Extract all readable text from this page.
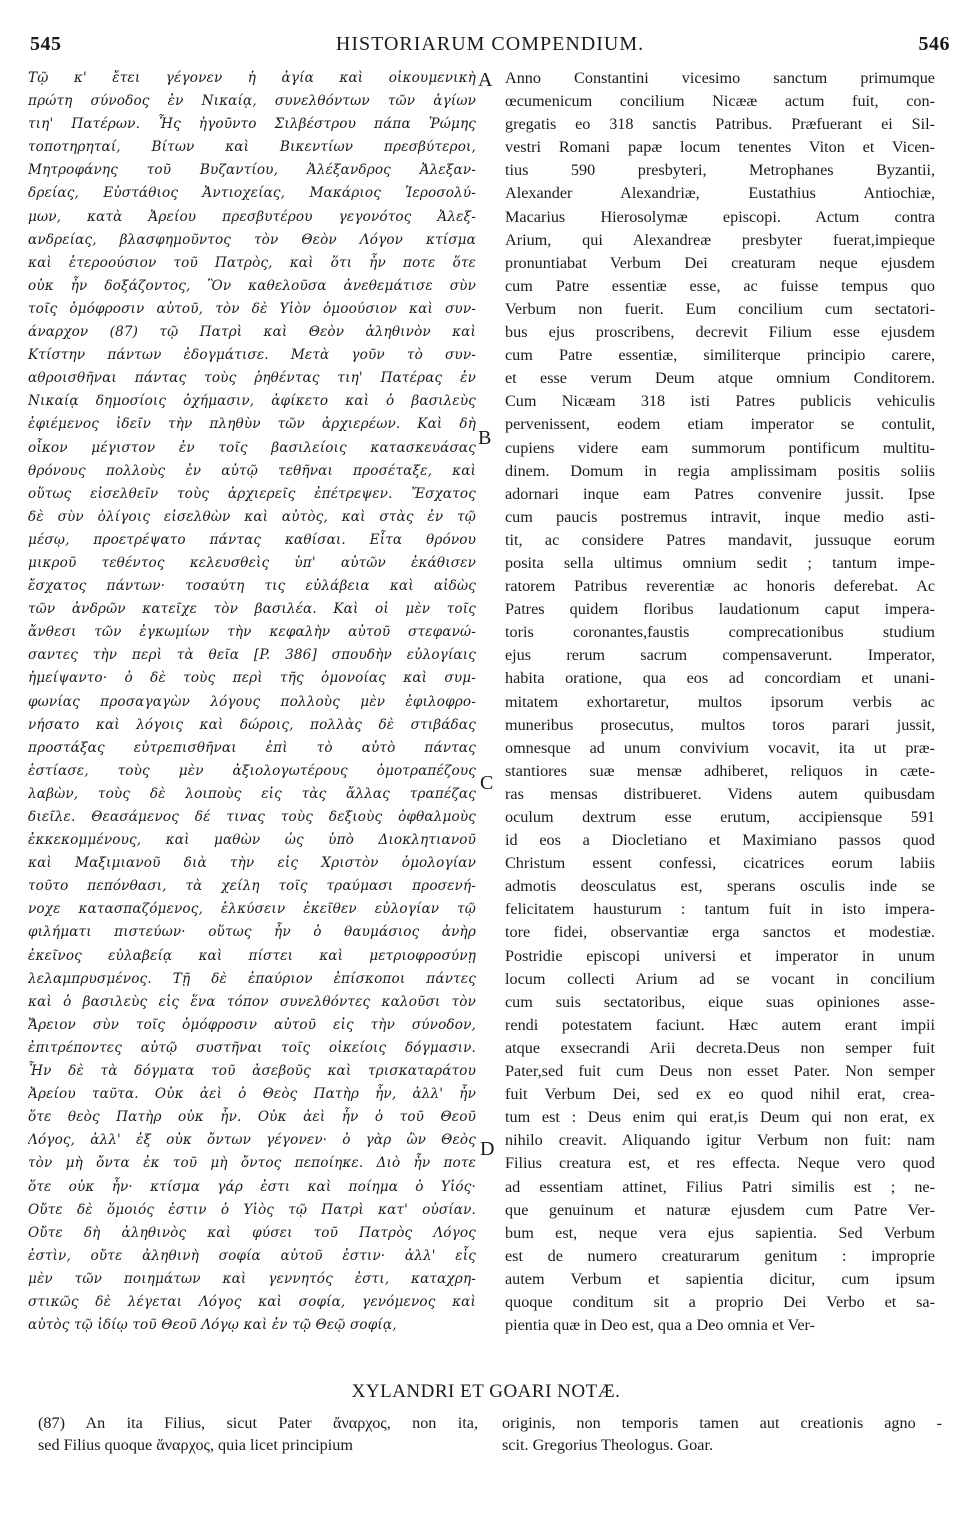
545	HISTORIARUM COMPENDIUM.	546
Τῷ κ' ἔτει γέγονεν ἡ ἁγία καὶ οἰκουμενικὴ
πρώτη σύνοδος ἐν Νικαίᾳ, συνελθόντων τῶν ἁγίων
τιη' Πατέρων. Ἧς ἡγοῦντο Σιλβέστρου πάπα Ῥώμης
τοποτηρηταί, Βίτων καὶ Βικεντίων πρεσβύτεροι,
Μητροφάνης τοῦ Βυζαντίου, Ἀλέξανδρος Ἀλεξαν-
δρείας, Εὐστάθιος Ἀντιοχείας, Μακάριος Ἱεροσολύ-
μων, κατὰ Ἀρείου πρεσβυτέρου γεγονότος Ἀλεξ-
ανδρείας, βλασφημοῦντος τὸν Θεὸν Λόγον κτίσμα
καὶ ἑτεροούσιον τοῦ Πατρὸς, καὶ ὅτι ἦν ποτε ὅτε
οὐκ ἦν δοξάζοντος, Ὃν καθελοῦσα ἀνεθεμάτισε σὺν
τοῖς ὁμόφροσιν αὐτοῦ, τὸν δὲ Υἱὸν ὁμοούσιον καὶ συν-
άναρχον (87) τῷ Πατρὶ καὶ Θεὸν ἀληθινὸν καὶ
Κτίστην πάντων ἐδογμάτισε. Μετὰ γοῦν τὸ συν-
αθροισθῆναι πάντας τοὺς ῥηθέντας τιη' Πατέρας ἐν
Νικαίᾳ δημοσίοις ὀχήμασιν, ἀφίκετο καὶ ὁ βασιλεὺς
ἐφιέμενος ἰδεῖν τὴν πληθὺν τῶν ἀρχιερέων. Καὶ δὴ
οἶκον μέγιστον ἐν τοῖς βασιλείοις κατασκευάσας
θρόνους πολλοὺς ἐν αὐτῷ τεθῆναι προσέταξε, καὶ
οὕτως εἰσελθεῖν τοὺς ἀρχιερεῖς ἐπέτρεψεν. Ἔσχατος
δὲ σὺν ὀλίγοις εἰσελθὼν καὶ αὐτὸς, καὶ στὰς ἐν τῷ
μέσῳ, προετρέψατο πάντας καθίσαι. Εἶτα θρόνου
μικροῦ τεθέντος κελευσθεὶς ὑπ' αὐτῶν ἐκάθισεν
ἔσχατος πάντων· τοσαύτη τις εὐλάβεια καὶ αἰδὼς
τῶν ἀνδρῶν κατεῖχε τὸν βασιλέα. Καὶ οἱ μὲν τοῖς
ἄνθεσι τῶν ἐγκωμίων τὴν κεφαλὴν αὐτοῦ στεφανώ-
σαντες τὴν περὶ τὰ θεῖα [P. 386] σπουδὴν εὐλογίαις
ἠμείψαντο· ὁ δὲ τοὺς περὶ τῆς ὁμονοίας καὶ συμ-
φωνίας προσαγαγὼν λόγους πολλοὺς μὲν ἐφιλοφρο-
νήσατο καὶ λόγοις καὶ δώροις, πολλὰς δὲ στιβάδας
προστάξας εὐτρεπισθῆναι ἐπὶ τὸ αὐτὸ πάντας
ἑστίασε, τοὺς μὲν ἀξιολογωτέρους ὁμοτραπέζους
λαβὼν, τοὺς δὲ λοιποὺς εἰς τὰς ἄλλας τραπέζας
διεῖλε. Θεασάμενος δέ τινας τοὺς δεξιοὺς ὀφθαλμοὺς
ἐκκεκομμένους, καὶ μαθὼν ὡς ὑπὸ Διοκλητιανοῦ
καὶ Μαξιμιανοῦ διὰ τὴν εἰς Χριστὸν ὁμολογίαν
τοῦτο πεπόνθασι, τὰ χείλη τοῖς τραύμασι προσενή-
νοχε κατασπαζόμενος, ἑλκύσειν ἐκεῖθεν εὐλογίαν τῷ
φιλήματι πιστεύων· οὕτως ἦν ὁ θαυμάσιος ἀνὴρ
ἐκεῖνος εὐλαβείᾳ καὶ πίστει καὶ μετριοφροσύνῃ
λελαμπρυσμένος. Τῇ δὲ ἐπαύριον ἐπίσκοποι πάντες
καὶ ὁ βασιλεὺς εἰς ἕνα τόπον συνελθόντες καλοῦσι τὸν
Ἄρειον σὺν τοῖς ὁμόφροσιν αὐτοῦ εἰς τὴν σύνοδον,
ἐπιτρέποντες αὐτῷ συστῆναι τοῖς οἰκείοις δόγμασιν.
Ἦν δὲ τὰ δόγματα τοῦ ἀσεβοῦς καὶ τρισκαταράτου
Ἀρείου ταῦτα. Οὐκ ἀεὶ ὁ Θεὸς Πατὴρ ἦν, ἀλλ' ἦν
ὅτε θεὸς Πατὴρ οὐκ ἦν. Οὐκ ἀεὶ ἦν ὁ τοῦ Θεοῦ
Λόγος, ἀλλ' ἐξ οὐκ ὄντων γέγονεν· ὁ γὰρ ὢν Θεὸς
τὸν μὴ ὄντα ἐκ τοῦ μὴ ὄντος πεποίηκε. Διὸ ἦν ποτε
ὅτε οὐκ ἦν· κτίσμα γάρ ἐστι καὶ ποίημα ὁ Υἱός·
Οὔτε δὲ ὅμοιός ἐστιν ὁ Υἱὸς τῷ Πατρὶ κατ' οὐσίαν.
Οὔτε δὴ ἀληθινὸς καὶ φύσει τοῦ Πατρὸς Λόγος
ἐστὶν, οὔτε ἀληθινὴ σοφία αὐτοῦ ἐστιν· ἀλλ' εἷς
μὲν τῶν ποιημάτων καὶ γεννητός ἐστι, καταχρη-
στικῶς δὲ λέγεται Λόγος καὶ σοφία, γενόμενος καὶ
αὐτὸς τῷ ἰδίῳ τοῦ Θεοῦ Λόγῳ καὶ ἐν τῷ Θεῷ σοφίᾳ,
Anno Constantini vicesimo sanctum primumque
œcumenicum concilium Nicææ actum fuit, con-
gregatis eo 318 sanctis Patribus. Præfuerant ei Sil-
vestri Romani papæ locum tenentes Viton et Vicen-
tius 590 presbyteri, Metrophanes Byzantii,
Alexander Alexandriæ, Eustathius Antiochiæ,
Macarius Hierosolymæ episcopi. Actum contra
Arium, qui Alexandreæ presbyter fuerat,impieque
pronuntiabat Verbum Dei creaturam neque ejusdem
cum Patre essentiæ esse, ac fuisse tempus quo
Verbum non fuerit. Eum concilium cum sectatori-
bus ejus proscribens, decrevit Filium esse ejusdem
cum Patre essentiæ, similiterque principio carere,
et esse verum Deum atque omnium Conditorem.
Cum Nicæam 318 isti Patres publicis vehiculis
pervenissent, eodem etiam imperator se contulit,
cupiens videre eam summorum pontificum multitu-
dinem. Domum in regia amplissimam positis soliis
adornari inque eam Patres convenire jussit. Ipse
cum paucis postremus intravit, inque medio asti-
tit, ac considere Patres mandavit, jussuque eorum
posita sella ultimus omnium sedit ; tantum impe-
ratorem Patribus reverentiæ ac honoris deferebat. Ac
Patres quidem floribus laudationum caput impera-
toris coronantes,faustis comprecationibus studium
ejus rerum sacrum compensaverunt. Imperator,
habita oratione, qua eos ad concordiam et unani-
mitatem exhortaretur, multos ipsorum verbis ac
muneribus prosecutus, multos toros parari jussit,
omnesque ad unum convivium vocavit, ita ut præ-
stantiores suæ mensæ adhiberet, reliquos in cæte-
ras mensas distribueret. Videns autem quibusdam
oculum dextrum esse erutum, accipiensque 591
id eos a Diocletiano et Maximiano passos quod
Christum essent confessi, cicatrices eorum labiis
admotis deosculatus est, sperans osculis inde se
felicitatem hausturum : tantum fuit in isto impera-
tore fidei, observantiæ erga sanctos et modestiæ.
Postridie episcopi universi et imperator in unum
locum collecti Arium ad se vocant in concilium
cum suis sectatoribus, eique suas opiniones asse-
rendi potestatem faciunt. Hæc autem erant impii
atque exsecrandi Arii decreta.Deus non semper fuit
Pater,sed fuit cum Deus non esset Pater. Non semper
fuit Verbum Dei, sed ex eo quod nihil erat, crea-
tum est : Deus enim qui erat,is Deum qui non erat, ex
nihilo creavit. Aliquando igitur Verbum non fuit: nam
Filius creatura est, et res effecta. Neque vero quod
ad essentiam attinet, Filius Patri similis est ; ne-
que genuinum et naturæ ejusdem cum Patre Ver-
bum est, neque vera ejus sapientia. Sed Verbum
est de numero creaturarum genitum : improprie
autem Verbum et sapientia dicitur, cum ipsum
quoque conditum sit a proprio Dei Verbo et sa-
pientia quæ in Deo est, qua a Deo omnia et Ver-
A
B
C
D
XYLANDRI ET GOARI NOTÆ.
(87) An ita Filius, sicut Pater ἄναρχος, non ita,
sed Filius quoque ἄναρχος, quia licet principium
originis, non temporis tamen aut creationis agno -
scit. Gregorius Theologus. Goar.
